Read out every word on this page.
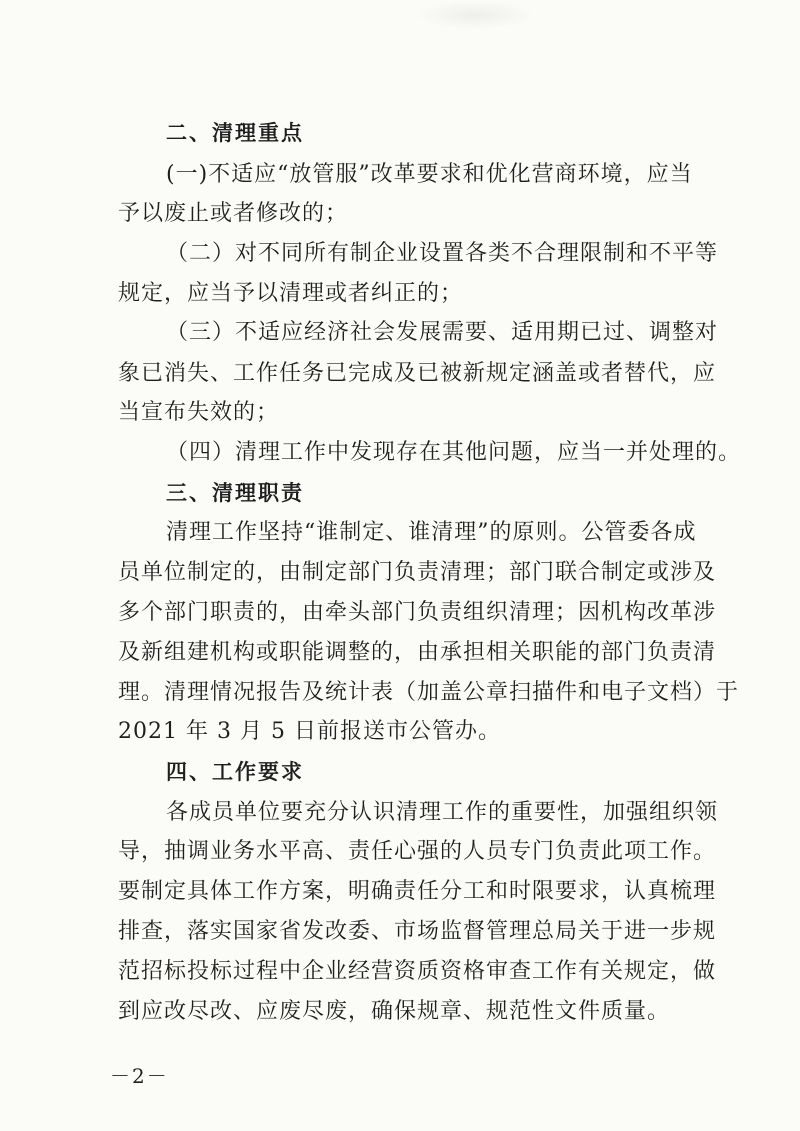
二、清理重点
(一)不适应“放管服”改革要求和优化营商环境，应当
予以废止或者修改的；
（二）对不同所有制企业设置各类不合理限制和不平等
规定，应当予以清理或者纠正的；
（三）不适应经济社会发展需要、适用期已过、调整对
象已消失、工作任务已完成及已被新规定涵盖或者替代，应
当宣布失效的；
（四）清理工作中发现存在其他问题，应当一并处理的。
三、清理职责
清理工作坚持“谁制定、谁清理”的原则。公管委各成
员单位制定的，由制定部门负责清理；部门联合制定或涉及
多个部门职责的，由牵头部门负责组织清理；因机构改革涉
及新组建机构或职能调整的，由承担相关职能的部门负责清
理。清理情况报告及统计表（加盖公章扫描件和电子文档）于
2021 年 3 月 5 日前报送市公管办。
四、工作要求
各成员单位要充分认识清理工作的重要性，加强组织领
导，抽调业务水平高、责任心强的人员专门负责此项工作。
要制定具体工作方案，明确责任分工和时限要求，认真梳理
排查，落实国家省发改委、市场监督管理总局关于进一步规
范招标投标过程中企业经营资质资格审查工作有关规定，做
到应改尽改、应废尽废，确保规章、规范性文件质量。
－2－
